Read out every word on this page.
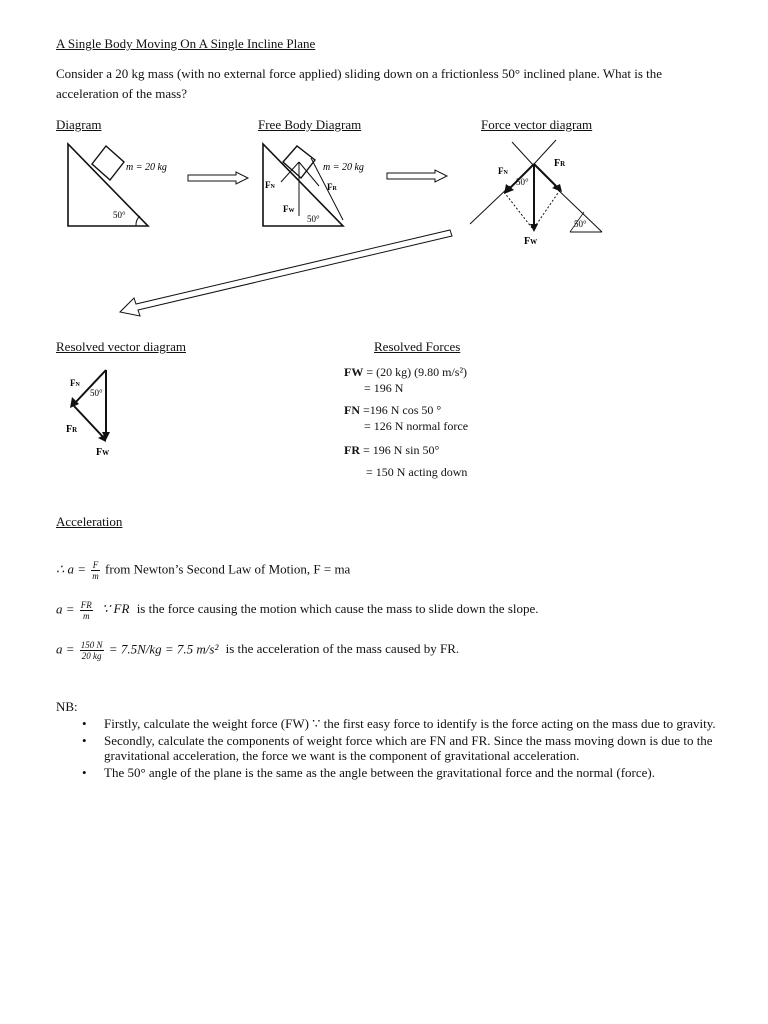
A Single Body Moving On A Single Incline Plane
Consider a 20 kg mass (with no external force applied) sliding down on a frictionless 50° inclined plane. What is the
acceleration of the mass?
Diagram	Free Body Diagram	Force vector diagram
m = 20 kg
50°
m = 20 kg
FN	FR
FW
50°
FN
FR
FW
50°
50°
Resolved vector diagram	Resolved Forces
FN
50°
FR
FW
FW = (20 kg) (9.80 m/s²)
= 196 N
FN =196 N cos 50 °
= 126 N normal force
FR = 196 N sin 50°
= 150 N acting down
Acceleration
∴ $a = \frac{F}{m}$ from Newton’s Second Law of Motion, F = ma
$a = \frac{FR}{m}$ ∵ FR is the force causing the motion which cause the mass to slide down the slope.
$a = \frac{150 N}{20 kg} = 7.5N/kg = 7.5$ m/s² is the acceleration of the mass caused by FR.
NB:
• Firstly, calculate the weight force (FW) ∵ the first easy force to identify is the force acting on the mass due to gravity.
• Secondly, calculate the components of weight force which are FN and FR. Since the mass moving down is due to the gravitational acceleration, the force we want is the component of gravitational acceleration.
• The 50° angle of the plane is the same as the angle between the gravitational force and the normal (force).
